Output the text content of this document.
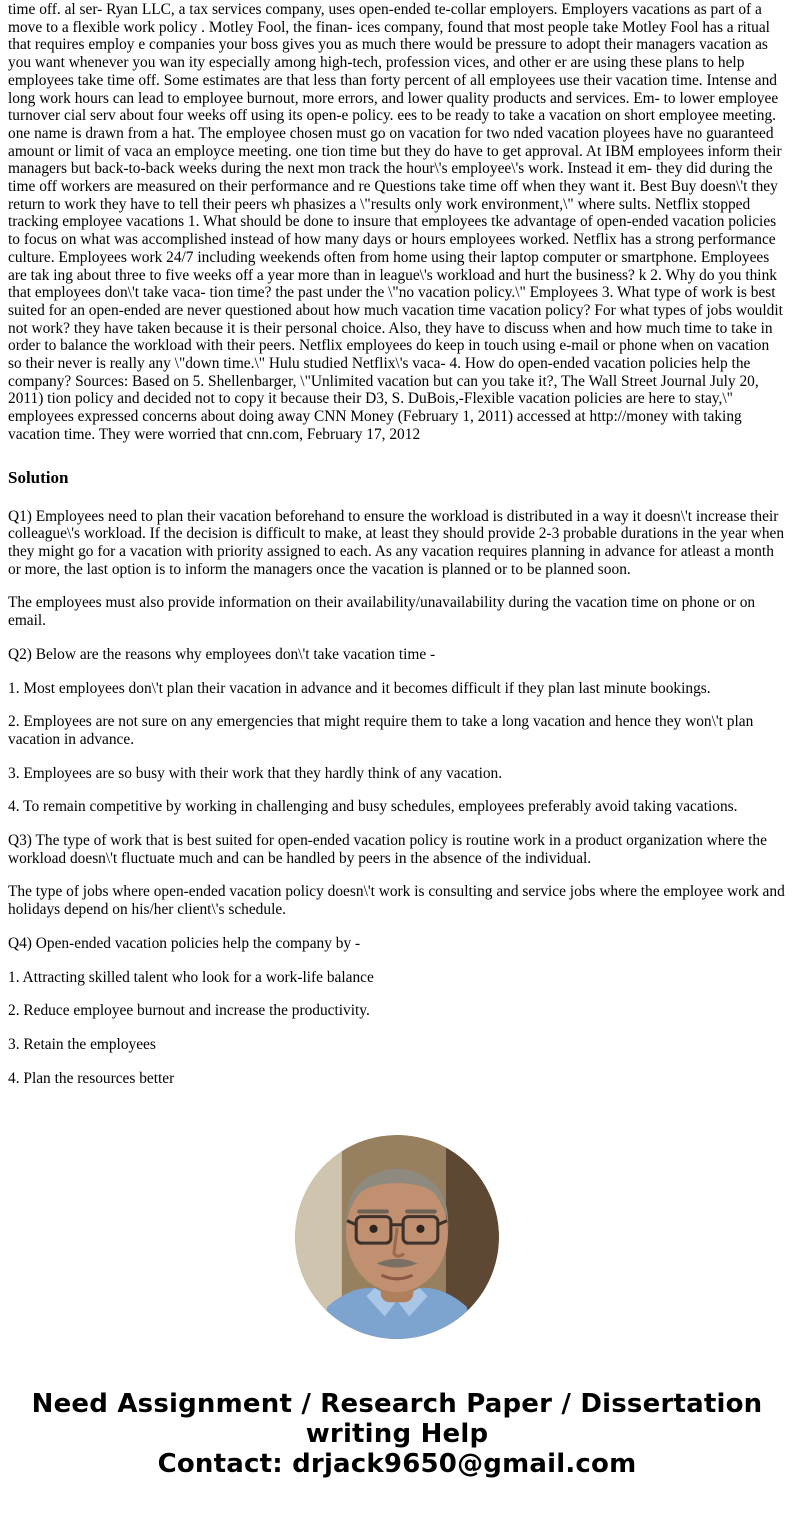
time off. al ser- Ryan LLC, a tax services company, uses open-ended te-collar employers. Employers vacations as part of a move to a flexible work policy . Motley Fool, the finan- ices company, found that most people take Motley Fool has a ritual that requires employ e companies your boss gives you as much there would be pressure to adopt their managers vacation as you want whenever you wan ity especially among high-tech, profession vices, and other er are using these plans to help employees take time off. Some estimates are that less than forty percent of all employees use their vacation time. Intense and long work hours can lead to employee burnout, more errors, and lower quality products and services. Em- to lower employee turnover cial serv about four weeks off using its open-e policy. ees to be ready to take a vacation on short employee meeting. one name is drawn from a hat. The employee chosen must go on vacation for two nded vacation ployees have no guaranteed amount or limit of vaca an employce meeting. one tion time but they do have to get approval. At IBM employees inform their managers but back-to-back weeks during the next mon track the hour\'s employee\'s work. Instead it em- they did during the time off workers are measured on their performance and re Questions take time off when they want it. Best Buy doesn\'t they return to work they have to tell their peers wh phasizes a \"results only work environment,\" where sults. Netflix stopped tracking employee vacations 1. What should be done to insure that employees tke advantage of open-ended vacation policies to focus on what was accomplished instead of how many days or hours employees worked. Netflix has a strong performance culture. Employees work 24/7 including weekends often from home using their laptop computer or smartphone. Employees are tak ing about three to five weeks off a year more than in league\'s workload and hurt the business? k 2. Why do you think that employees don\'t take vaca- tion time? the past under the \"no vacation policy.\" Employees 3. What type of work is best suited for an open-ended are never questioned about how much vacation time vacation policy? For what types of jobs wouldit not work? they have taken because it is their personal choice. Also, they have to discuss when and how much time to take in order to balance the workload with their peers. Netflix employees do keep in touch using e-mail or phone when on vacation so their never is really any \"down time.\" Hulu studied Netflix\'s vaca- 4. How do open-ended vacation policies help the company? Sources: Based on 5. Shellenbarger, \"Unlimited vacation but can you take it?, The Wall Street Journal July 20, 2011) tion policy and decided not to copy it because their D3, S. DuBois,-Flexible vacation policies are here to stay,\" employees expressed concerns about doing away CNN Money (February 1, 2011) accessed at http://money with taking vacation time. They were worried that cnn.com, February 17, 2012

Solution

Q1) Employees need to plan their vacation beforehand to ensure the workload is distributed in a way it doesn\'t increase their colleague\'s workload. If the decision is difficult to make, at least they should provide 2-3 probable durations in the year when they might go for a vacation with priority assigned to each. As any vacation requires planning in advance for atleast a month or more, the last option is to inform the managers once the vacation is planned or to be planned soon.

The employees must also provide information on their availability/unavailability during the vacation time on phone or on email.

Q2) Below are the reasons why employees don\'t take vacation time -

1. Most employees don\'t plan their vacation in advance and it becomes difficult if they plan last minute bookings.

2. Employees are not sure on any emergencies that might require them to take a long vacation and hence they won\'t plan vacation in advance.

3. Employees are so busy with their work that they hardly think of any vacation.

4. To remain competitive by working in challenging and busy schedules, employees preferably avoid taking vacations.

Q3) The type of work that is best suited for open-ended vacation policy is routine work in a product organization where the workload doesn\'t fluctuate much and can be handled by peers in the absence of the individual.

The type of jobs where open-ended vacation policy doesn\'t work is consulting and service jobs where the employee work and holidays depend on his/her client\'s schedule.

Q4) Open-ended vacation policies help the company by -

1. Attracting skilled talent who look for a work-life balance

2. Reduce employee burnout and increase the productivity.

3. Retain the employees

4. Plan the resources better

Need Assignment / Research Paper / Dissertation writing Help
Contact: drjack9650@gmail.com
